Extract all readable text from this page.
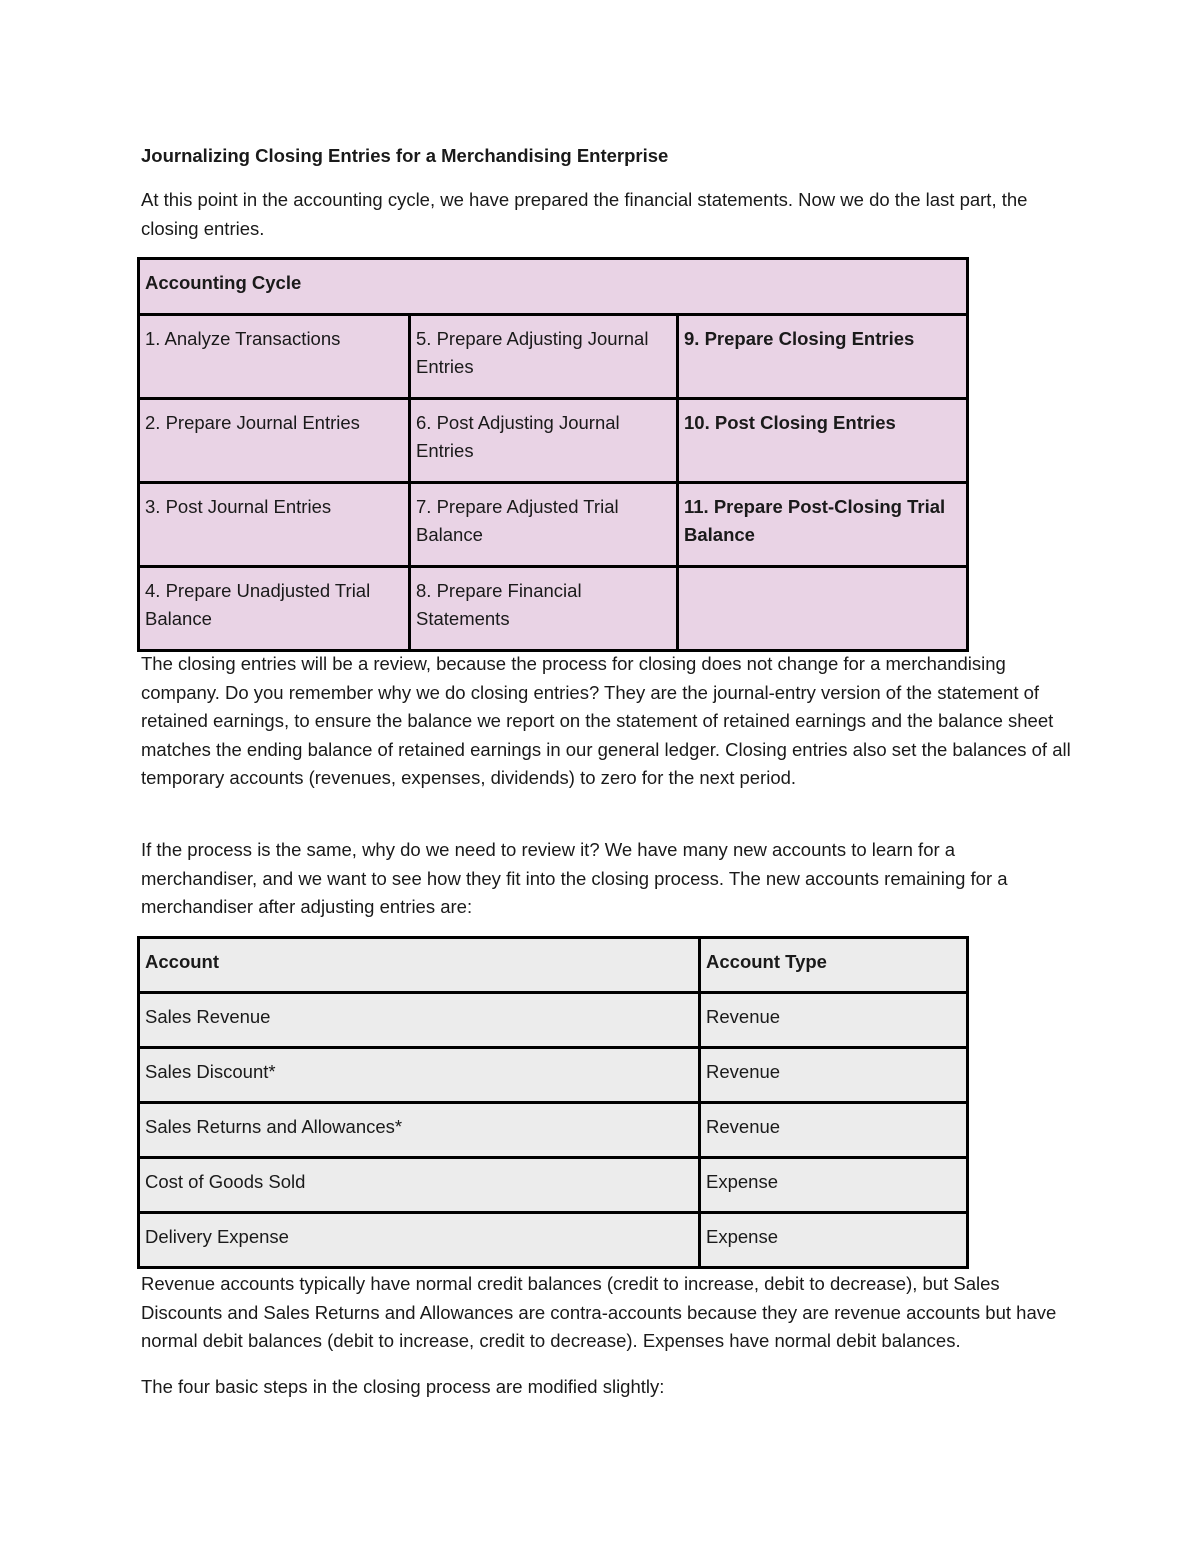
Journalizing Closing Entries for a Merchandising Enterprise

At this point in the accounting cycle, we have prepared the financial statements. Now we do the last part, the closing entries.

Accounting Cycle		
1. Analyze Transactions	5. Prepare Adjusting Journal Entries	9. Prepare Closing Entries
2. Prepare Journal Entries	6. Post Adjusting Journal Entries	10. Post Closing Entries
3. Post Journal Entries	7. Prepare Adjusted Trial Balance	11. Prepare Post-Closing Trial Balance
4. Prepare Unadjusted Trial Balance	8. Prepare Financial Statements	

The closing entries will be a review, because the process for closing does not change for a merchandising company. Do you remember why we do closing entries? They are the journal-entry version of the statement of retained earnings, to ensure the balance we report on the statement of retained earnings and the balance sheet matches the ending balance of retained earnings in our general ledger. Closing entries also set the balances of all temporary accounts (revenues, expenses, dividends) to zero for the next period.

If the process is the same, why do we need to review it? We have many new accounts to learn for a merchandiser, and we want to see how they fit into the closing process. The new accounts remaining for a merchandiser after adjusting entries are:

Account	Account Type
Sales Revenue	Revenue
Sales Discount*	Revenue
Sales Returns and Allowances*	Revenue
Cost of Goods Sold	Expense
Delivery Expense	Expense

Revenue accounts typically have normal credit balances (credit to increase, debit to decrease), but Sales Discounts and Sales Returns and Allowances are contra-accounts because they are revenue accounts but have normal debit balances (debit to increase, credit to decrease). Expenses have normal debit balances.

The four basic steps in the closing process are modified slightly:
